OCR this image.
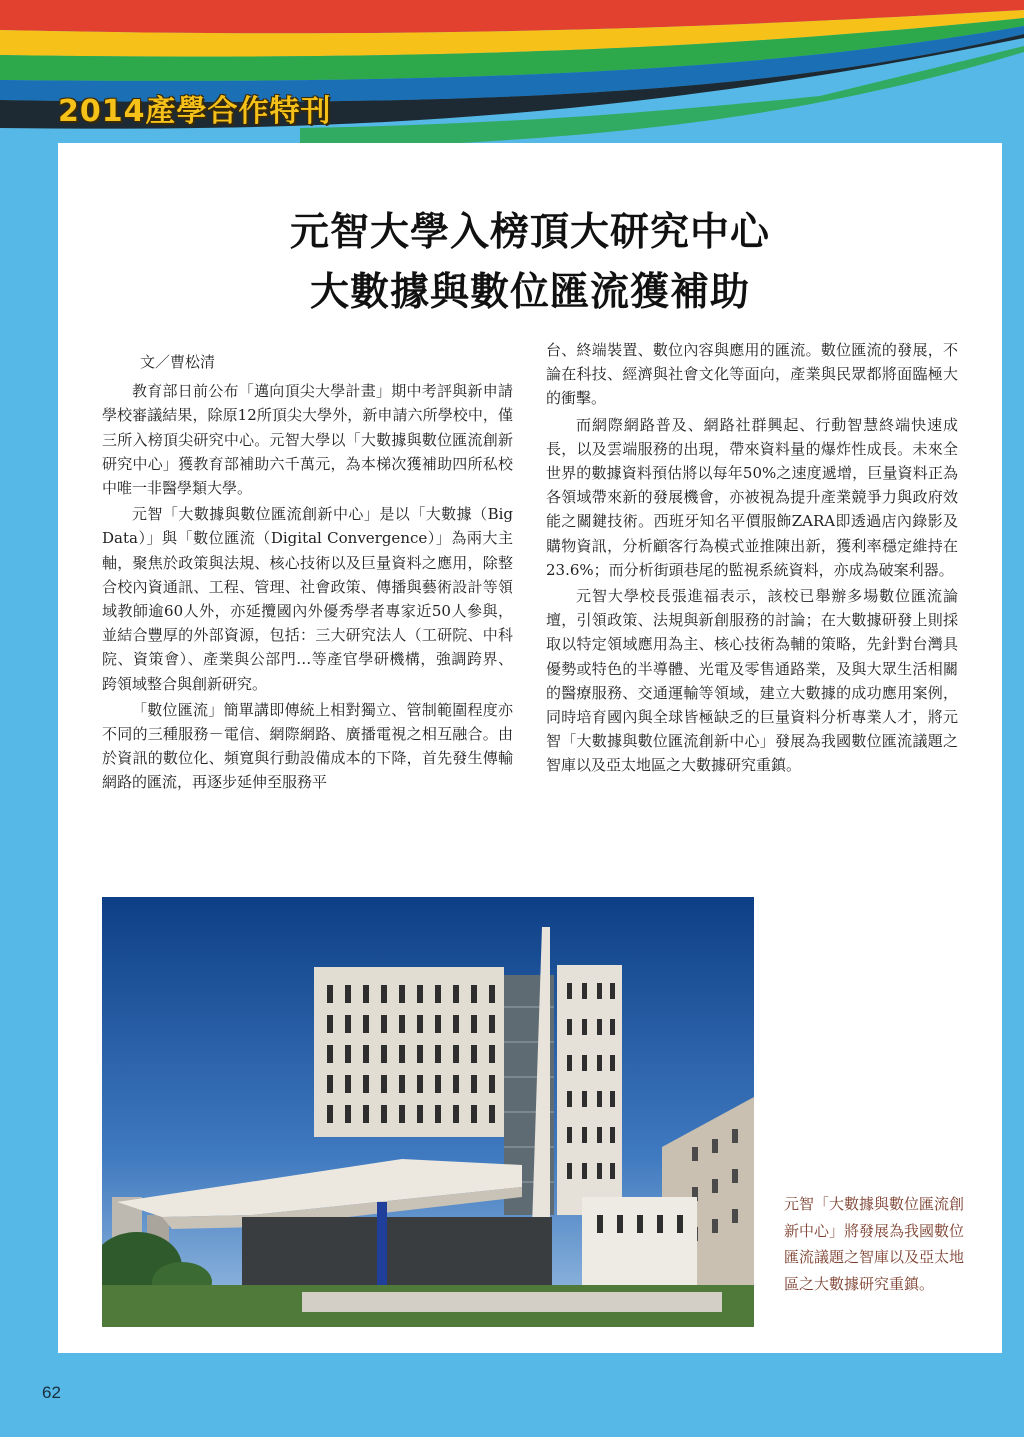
2014產學合作特刊
元智大學入榜頂大研究中心
大數據與數位匯流獲補助
文／曹松清

教育部日前公布「邁向頂尖大學計畫」期中考評與新申請學校審議結果，除原12所頂尖大學外，新申請六所學校中，僅三所入榜頂尖研究中心。元智大學以「大數據與數位匯流創新研究中心」獲教育部補助六千萬元，為本梯次獲補助四所私校中唯一非醫學類大學。

元智「大數據與數位匯流創新中心」是以「大數據（Big Data）」與「數位匯流（Digital Convergence）」為兩大主軸，聚焦於政策與法規、核心技術以及巨量資料之應用，除整合校內資通訊、工程、管理、社會政策、傳播與藝術設計等領域教師逾60人外，亦延攬國內外優秀學者專家近50人參與，並結合豐厚的外部資源，包括：三大研究法人（工研院、中科院、資策會）、產業與公部門…等產官學研機構，強調跨界、跨領域整合與創新研究。

「數位匯流」簡單講即傳統上相對獨立、管制範圍程度亦不同的三種服務－電信、網際網路、廣播電視之相互融合。由於資訊的數位化、頻寬與行動設備成本的下降，首先發生傳輸網路的匯流，再逐步延伸至服務平

台、終端裝置、數位內容與應用的匯流。數位匯流的發展，不論在科技、經濟與社會文化等面向，產業與民眾都將面臨極大的衝擊。

而網際網路普及、網路社群興起、行動智慧終端快速成長，以及雲端服務的出現，帶來資料量的爆炸性成長。未來全世界的數據資料預估將以每年50%之速度遞增，巨量資料正為各領域帶來新的發展機會，亦被視為提升產業競爭力與政府效能之關鍵技術。西班牙知名平價服飾ZARA即透過店內錄影及購物資訊，分析顧客行為模式並推陳出新，獲利率穩定維持在23.6%；而分析街頭巷尾的監視系統資料，亦成為破案利器。

元智大學校長張進福表示，該校已舉辦多場數位匯流論壇，引領政策、法規與新創服務的討論；在大數據研發上則採取以特定領域應用為主、核心技術為輔的策略，先針對台灣具優勢或特色的半導體、光電及零售通路業，及與大眾生活相關的醫療服務、交通運輸等領域，建立大數據的成功應用案例，同時培育國內與全球皆極缺乏的巨量資料分析專業人才，將元智「大數據與數位匯流創新中心」發展為我國數位匯流議題之智庫以及亞太地區之大數據研究重鎮。

元智「大數據與數位匯流創新中心」將發展為我國數位匯流議題之智庫以及亞太地區之大數據研究重鎮。
62
